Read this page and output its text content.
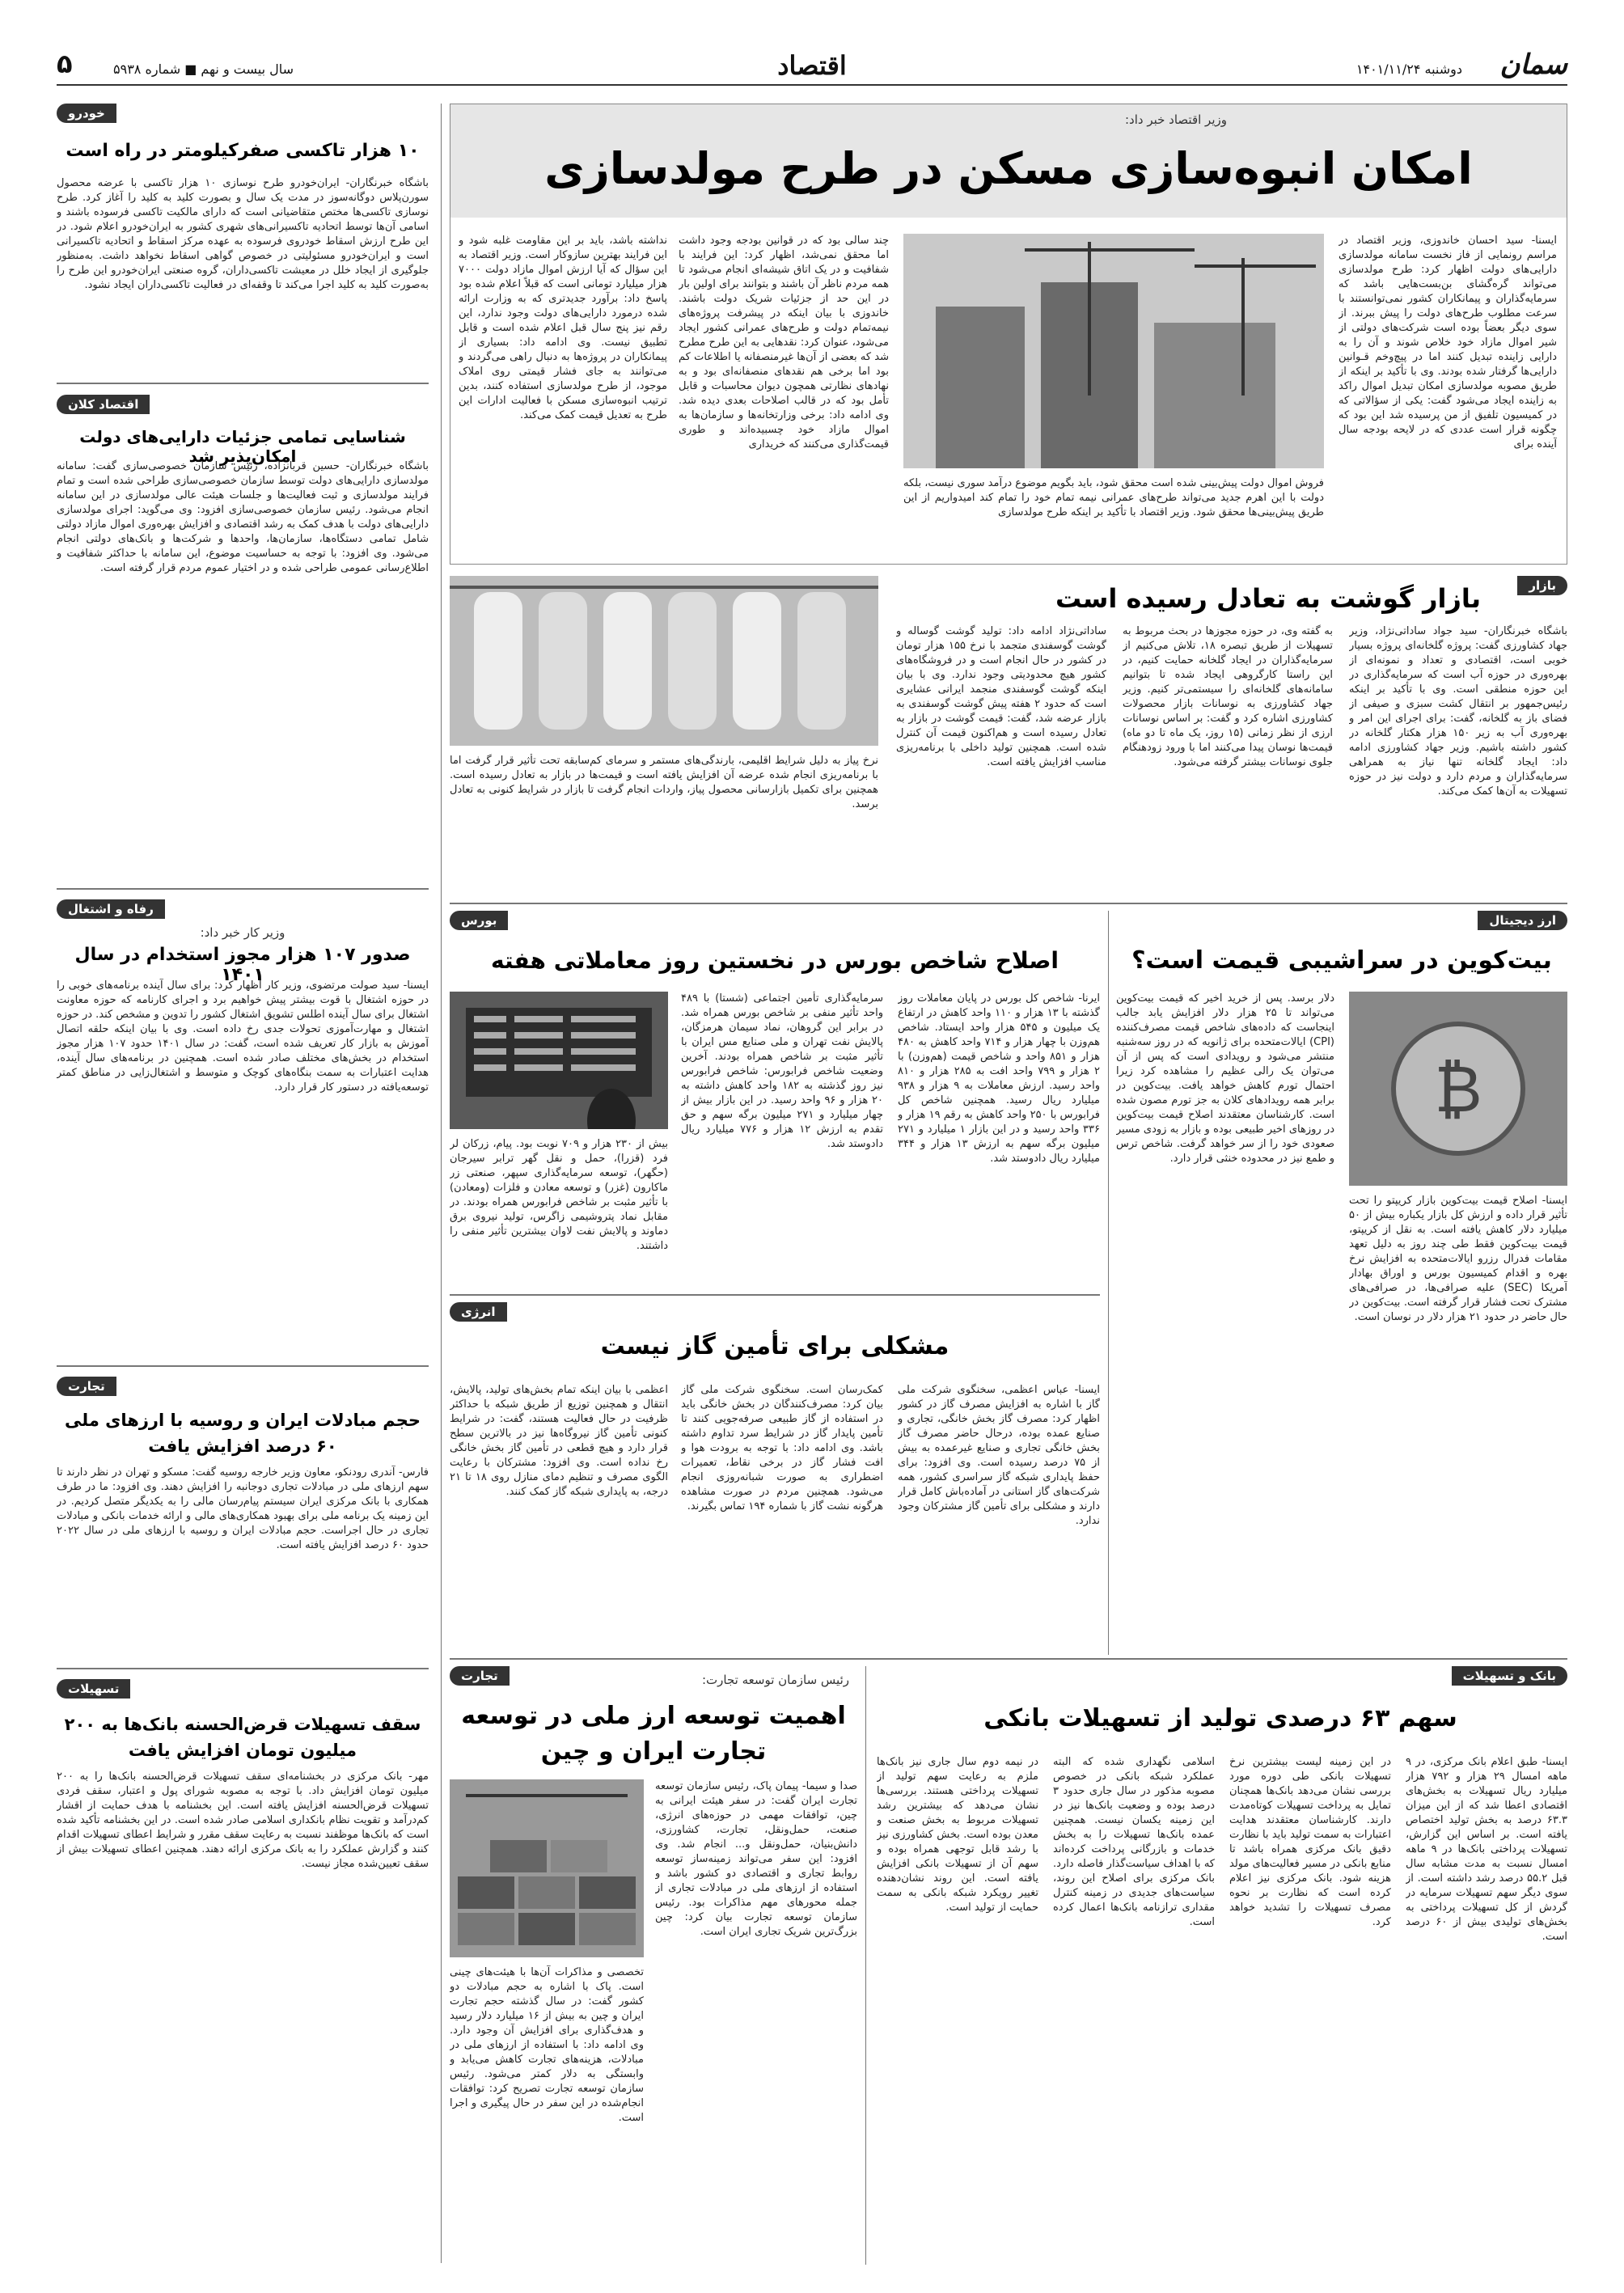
سمان
دوشنبه ۱۴۰۱/۱۱/۲۴
اقتصاد
سال بیست و نهم ■ شماره ۵۹۳۸
۵
خودرو
۱۰ هزار تاکسی صفرکیلومتر در راه است
باشگاه خبرنگاران- ایران‌خودرو طرح نوسازی ۱۰ هزار تاکسی با عرضه محصول سورن‌پلاس دوگانه‌سوز در مدت یک سال و بصورت کلید به کلید را آغاز کرد. طرح نوسازی تاکسی‌ها مختص متقاضیانی است که دارای مالکیت تاکسی فرسوده باشند و اسامی آن‌ها توسط اتحادیه تاکسیرانی‌های شهری کشور به ایران‌خودرو اعلام شود. در این طرح ارزش اسقاط خودروی فرسوده به عهده مرکز اسقاط و اتحادیه تاکسیرانی است و ایران‌خودرو مسئولیتی در خصوص گواهی اسقاط نخواهد داشت. به‌منظور جلوگیری از ایجاد خلل در معیشت تاکسی‌داران، گروه صنعتی ایران‌خودرو این طرح را به‌صورت کلید به کلید اجرا می‌کند تا وقفه‌ای در فعالیت تاکسی‌داران ایجاد نشود.
اقتصاد کلان
شناسایی تمامی جزئیات دارایی‌های دولت امکان‌پذیر شد
باشگاه خبرنگاران- حسین قربانزاده، رئیس سازمان خصوصی‌سازی گفت: سامانه مولدسازی دارایی‌های دولت توسط سازمان خصوصی‌سازی طراحی شده است و تمام فرایند مولدسازی و ثبت فعالیت‌ها و جلسات هیئت عالی مولدسازی در این سامانه انجام می‌شود. رئیس سازمان خصوصی‌سازی افزود: وی می‌گوید: اجرای مولدسازی دارایی‌های دولت با هدف کمک به رشد اقتصادی و افزایش بهره‌وری اموال مازاد دولتی شامل تمامی دستگاه‌ها، سازمان‌ها، واحدها و شرکت‌ها و بانک‌های دولتی انجام می‌شود. وی افزود: با توجه به حساسیت موضوع، این سامانه با حداکثر شفافیت و اطلاع‌رسانی عمومی طراحی شده و در اختیار عموم مردم قرار گرفته است.
رفاه و اشتغال
وزیر کار خبر داد:
صدور ۱۰۷ هزار مجوز استخدام در سال ۱۴۰۱
ایسنا- سید صولت مرتضوی، وزیر کار اظهار کرد: برای سال آینده برنامه‌های خوبی را در حوزه اشتغال با قوت بیشتر پیش خواهیم برد و اجرای کارنامه که حوزه معاونت اشتغال برای سال آینده اطلس تشویق اشتغال کشور را تدوین و مشخص کند. در حوزه اشتغال و مهارت‌آموزی تحولات جدی رخ داده است. وی با بیان اینکه حلقه اتصال آموزش به بازار کار تعریف شده است، گفت: در سال ۱۴۰۱ حدود ۱۰۷ هزار مجوز استخدام در بخش‌های مختلف صادر شده است. همچنین در برنامه‌های سال آینده، هدایت اعتبارات به سمت بنگاه‌های کوچک و متوسط و اشتغال‌زایی در مناطق کمتر توسعه‌یافته در دستور کار قرار دارد.
تجارت
حجم مبادلات ایران و روسیه با ارزهای ملی ۶۰ درصد افزایش یافت
فارس- آندری رودنکو، معاون وزیر خارجه روسیه گفت: مسکو و تهران در نظر دارند تا سهم ارزهای ملی در مبادلات تجاری دوجانبه را افزایش دهند. وی افزود: ما در طرف همکاری با بانک مرکزی ایران سیستم پیام‌رسان مالی را به یکدیگر متصل کردیم. در این زمینه یک برنامه ملی برای بهبود همکاری‌های مالی و ارائه خدمات بانکی و مبادلات تجاری در حال اجراست. حجم مبادلات ایران و روسیه با ارزهای ملی در سال ۲۰۲۲ حدود ۶۰ درصد افزایش یافته است.
تسهیلات
سقف تسهیلات قرض‌الحسنه بانک‌ها به ۲۰۰ میلیون تومان افزایش یافت
مهر- بانک مرکزی در بخشنامه‌ای سقف تسهیلات قرض‌الحسنه بانک‌ها را به ۲۰۰ میلیون تومان افزایش داد. با توجه به مصوبه شورای پول و اعتبار، سقف فردی تسهیلات قرض‌الحسنه افزایش یافته است. این بخشنامه با هدف حمایت از اقشار کم‌درآمد و تقویت نظام بانکداری اسلامی صادر شده است. در این بخشنامه تأکید شده است که بانک‌ها موظفند نسبت به رعایت سقف مقرر و شرایط اعطای تسهیلات اقدام کنند و گزارش عملکرد را به بانک مرکزی ارائه دهند. همچنین اعطای تسهیلات بیش از سقف تعیین‌شده مجاز نیست.
وزیر اقتصاد خبر داد:
امکان انبوه‌سازی مسکن در طرح مولدسازی
ایسنا- سید احسان خاندوزی، وزیر اقتصاد در مراسم رونمایی از فاز نخست سامانه مولدسازی دارایی‌های دولت اظهار کرد: طرح مولدسازی می‌تواند گره‌گشای بن‌بست‌هایی باشد که سرمایه‌گذاران و پیمانکاران کشور نمی‌توانستند با سرعت مطلوب طرح‌های دولت را پیش ببرند. از سوی دیگر بعضاً بوده است شرکت‌های دولتی از شیر اموال مازاد خود خلاص شوند و آن را به دارایی زاینده تبدیل کنند اما در پیچ‌وخم قـوانین دارایی‌ها گرفتار شده بودند. وی با تأکید بر اینکه از طریق مصوبه مولدسازی امکان تبدیل اموال راکد به زاینده ایجاد می‌شود گفت: یکی از سؤالاتی که در کمیسیون تلفیق از من پرسیده شد این بود که چگونه قرار است عددی که در لایحه بودجه سال آینده برای
فروش اموال دولت پیش‌بینی شده است محقق شود، باید بگویم موضوع درآمد سوری نیست، بلکه دولت با این اهرم جدید می‌تواند طرح‌های عمرانی نیمه تمام خود را تمام کند امیدواریم از این طریق پیش‌بینی‌ها محقق شود. وزیر اقتصاد با تأکید بر اینکه طرح مولدسازی
چند سالی بود که در قوانین بودجه وجود داشت اما محقق نمی‌شد، اظهار کرد: این فرایند با شفافیت و در یک اتاق شیشه‌ای انجام می‌شود تا همه مردم ناظر آن باشند و بتوانند برای اولین بار در این حد از جزئیات شریک دولت باشند. خاندوزی با بیان اینکه در پیشرفت پروژه‌های نیمه‌تمام دولت و طرح‌های عمرانی کشور ایجاد می‌شود، عنوان کرد: نقدهایی به این طرح مطرح شد که بعضی از آن‌ها غیرمنصفانه یا اطلاعات کم بود اما برخی هم نقدهای منصفانه‌ای بود و به نهادهای نظارتی همچون دیوان محاسبات و قابل تأمل بود که در قالب اصلاحات بعدی دیده شد. وی ادامه داد: برخی وزارتخانه‌ها و سازمان‌ها به اموال مازاد خود چسبیده‌اند و طوری قیمت‌گذاری می‌کنند که خریداری
نداشته باشد، باید بر این مقاومت غلبه شود و این فرایند بهترین سازوکار است. وزیر اقتصاد به این سؤال که آیا ارزش اموال مازاد دولت ۷۰۰۰ هزار میلیارد تومانی است که قبلاً اعلام شده بود پاسخ داد: برآورد جدیدتری که به وزارت ارائه شده درمورد دارایی‌های دولت وجود ندارد، این رقم نیز پنج سال قبل اعلام شده است و قابل تطبیق نیست. وی ادامه داد: بسیاری از پیمانکاران در پروژه‌ها به دنبال راهی می‌گردند و می‌توانند به جای فشار قیمتی روی املاک موجود، از طرح مولدسازی استفاده کنند، بدین ترتیب انبوه‌سازی مسکن با فعالیت ادارات این طرح به تعدیل قیمت کمک می‌کند.
بازار
بازار گوشت به تعادل رسیده است
باشگاه خبرنگاران- سید جواد ساداتی‌نژاد، وزیر جهاد کشاورزی گفت: پروژه گلخانه‌ای پروژه بسیار خوبی است، اقتصادی و تعداد و نمونه‌ای از بهره‌وری در حوزه آب است که سرمایه‌گذاری در این حوزه منطقی است. وی با تأکید بر اینکه رئیس‌جمهور بر انتقال کشت سبزی و صیفی از فضای باز به گلخانه، گفت: برای اجرای این امر و بهره‌وری آب به‌ زیر ۱۵۰ هزار هکتار گلخانه در کشور داشته باشیم. وزیر جهاد کشاورزی ادامه داد: ایجاد گلخانه تنها نیاز به همراهی سرمایه‌گذاران و مردم دارد و دولت نیز در حوزه تسهیلات به آن‌ها کمک می‌کند.
به گفته وی، در حوزه مجوزها در بحث مربوط به تسهیلات از طریق تبصره ۱۸، تلاش می‌کنیم از سرمایه‌گذاران در ایجاد گلخانه حمایت کنیم، در این راستا کارگروهی ایجاد شده تا بتوانیم سامانه‌های گلخانه‌ای را سیستمی‌تر کنیم. وزیر جهاد کشاورزی به نوسانات بازار محصولات کشاورزی اشاره کرد و گفت: بر اساس نوسانات ارزی از نظر زمانی (۱۵ روز، یک ماه تا دو ماه) قیمت‌ها نوسان پیدا می‌کنند اما با ورود زودهنگام جلوی نوسانات بیشتر گرفته می‌شود.
ساداتی‌نژاد ادامه داد: تولید گوشت گوساله و گوشت گوسفندی متجمد با نرخ ۱۵۵ هزار تومان در کشور در حال انجام است و در فروشگاه‌های کشور هیچ محدودیتی وجود ندارد. وی با بیان اینکه گوشت گوسفندی منجمد ایرانی عشایری است که حدود ۲ هفته پیش گوشت گوسفندی به بازار عرضه شد، گفت: قیمت گوشت در بازار به تعادل رسیده است و هم‌اکنون قیمت آن کنترل شده است. همچنین تولید داخلی با برنامه‌ریزی مناسب افزایش یافته است.
نرخ پیاز به دلیل شرایط اقلیمی، بارندگی‌های مستمر و سرمای کم‌سابقه تحت تأثیر قرار گرفت اما با برنامه‌ریزی انجام شده عرضه آن افزایش یافته است و قیمت‌ها در بازار به تعادل رسیده است. همچنین برای تکمیل بازارسانی محصول پیاز، واردات انجام گرفت تا بازار در شرایط کنونی به تعادل برسد.
ارز دیجیتال
بیت‌کوین در سراشیبی قیمت است؟
₿
ایسنا- اصلاح قیمت بیت‌کوین بازار کریپتو را تحت تأثیر قرار داده و ارزش کل بازار یکباره بیش از ۵۰ میلیارد دلار کاهش یافته است. به نقل از کریپتو، قیمت بیت‌کوین فقط طی چند روز به دلیل تعهد مقامات فدرال رزرو ایالات‌متحده به افزایش نرخ بهره و اقدام کمیسیون بورس و اوراق بهادار آمریکا (SEC) علیه صرافی‌ها، در صرافی‌های مشترک تحت فشار قرار گرفته است. بیت‌کوین در حال حاضر در حدود ۲۱ هزار دلار در نوسان است.
دلار برسد. پس از خرید اخیر که قیمت بیت‌کوین می‌تواند تا ۲۵ هزار دلار افزایش یابد جالب اینجاست که داده‌های شاخص قیمت مصرف‌کننده (CPI) ایالات‌متحده برای ژانویه که در روز سه‌شنبه منتشر می‌شود و رویدادی است که پس از آن می‌توان یک رالی عظیم را مشاهده کرد زیرا احتمال تورم کاهش خواهد یافت. بیت‌کوین در برابر همه رویدادهای کلان به جز تورم مصون شده است. کارشناسان معتقدند اصلاح قیمت بیت‌کوین در روزهای اخیر طبیعی بوده و بازار به زودی مسیر صعودی خود را از سر خواهد گرفت. شاخص ترس و طمع نیز در محدوده خنثی قرار دارد.
بورس
اصلاح شاخص بورس در نخستین روز معاملاتی هفته
ایرنا- شاخص کل بورس در پایان معاملات روز گذشته با ۱۳ هزار و ۱۱۰ واحد کاهش در ارتفاع یک میلیون و ۵۴۵ هزار واحد ایستاد. شاخص هم‌وزن با چهار هزار و ۷۱۴ واحد کاهش به ۴۸۰ هزار و ۸۵۱ واحد و شاخص قیمت (هم‌وزن) با ۲ هزار و ۷۹۹ واحد افت به ۲۸۵ هزار و ۸۱۰ واحد رسید. ارزش معاملات به ۹ هزار و ۹۳۸ میلیارد ریال رسید. همچنین شاخص کل فرابورس با ۲۵۰ واحد کاهش به رقم ۱۹ هزار و ۳۳۶ واحد رسید و در این بازار ۱ میلیارد و ۲۷۱ میلیون برگه سهم به ارزش ۱۳ هزار و ۳۴۴ میلیارد ریال دادوستد شد.
سرمایه‌گذاری تأمین اجتماعی (شستا) با ۴۸۹ واحد تأثیر منفی بر شاخص بورس همراه شد. در برابر این گروهان، نماد سیمان هرمزگان، پالایش نفت تهران و ملی صنایع مس ایران با تأثیر مثبت بر شاخص همراه بودند. آخرین وضعیت شاخص فرابورس: شاخص فرابورس نیز روز گذشته به ۱۸۲ واحد کاهش داشته به ۲۰ هزار و ۹۶ واحد رسید. در این بازار بیش از چهار میلیارد و ۲۷۱ میلیون برگه سهم و حق تقدم به ارزش ۱۲ هزار و ۷۷۶ میلیارد ریال دادوستد شد.
بیش از ۲۳۰ هزار و ۷۰۹ نوبت بود. پیام، زرکان لر فرد (قزرا)، حمل و نقل گهر ترابر سیرجان (حگهر)، توسعه سرمایه‌گذاری سپهر، صنعتی زر ماکارون (غزر) و توسعه معادن و فلزات (ومعادن) با تأثیر مثبت بر شاخص فرابورس همراه بودند. در مقابل نماد پتروشیمی زاگرس، تولید نیروی برق دماوند و پالایش نفت لاوان بیشترین تأثیر منفی را داشتند.
انرژی
مشکلی برای تأمین گاز نیست
ایسنا- عباس اعظمی، سخنگوی شرکت ملی گاز با اشاره به افزایش مصرف گاز در کشور اظهار کرد: مصرف گاز بخش خانگی، تجاری و صنایع عمده بوده، درحال حاضر مصرف گاز بخش خانگی تجاری و صنایع غیرعمده به بیش از ۷۵ درصد رسیده است. وی افزود: برای حفظ پایداری شبکه گاز سراسری کشور، همه شرکت‌های گاز استانی در آماده‌باش کامل قرار دارند و مشکلی برای تأمین گاز مشترکان وجود ندارد.
کمک‌رسان است. سخنگوی شرکت ملی گاز بیان کرد: مصرف‌کنندگان در بخش خانگی باید در استفاده از گاز طبیعی صرفه‌جویی کنند تا تأمین پایدار گاز در شرایط سرد تداوم داشته باشد. وی ادامه داد: با توجه به برودت هوا و افت فشار گاز در برخی نقاط، تعمیرات اضطراری به صورت شبانه‌روزی انجام می‌شود. همچنین مردم در صورت مشاهده هرگونه نشت گاز با شماره ۱۹۴ تماس بگیرند.
اعظمی با بیان اینکه تمام بخش‌های تولید، پالایش، انتقال و همچنین توزیع از طریق شبکه با حداکثر ظرفیت در حال فعالیت هستند، گفت: در شرایط کنونی تأمین گاز نیروگاه‌ها نیز در بالاترین سطح قرار دارد و هیچ قطعی در تأمین گاز بخش خانگی رخ نداده است. وی افزود: مشترکان با رعایت الگوی مصرف و تنظیم دمای منازل روی ۱۸ تا ۲۱ درجه، به پایداری شبکه گاز کمک کنند.
بانک و تسهیلات
سهم ۶۳ درصدی تولید از تسهیلات بانکی
ایسنا- طبق اعلام بانک مرکزی، در ۹ ماهه امسال ۲۹ هزار و ۷۹۲ هزار میلیارد ریال تسهیلات به بخش‌های اقتصادی اعطا شد که از این میزان ۶۳.۳ درصد به بخش تولید اختصاص یافته است. بر اساس این گزارش، تسهیلات پرداختی بانک‌ها در ۹ ماهه امسال نسبت به مدت مشابه سال قبل ۵۵.۲ درصد رشد داشته است. از سوی دیگر سهم تسهیلات سرمایه در گردش از کل تسهیلات پرداختی به بخش‌های تولیدی بیش از ۶۰ درصد است.
در این زمینه لیست بیشترین نرخ تسهیلات بانکی طی دوره مورد بررسی نشان می‌دهد بانک‌ها همچنان تمایل به پرداخت تسهیلات کوتاه‌مدت دارند. کارشناسان معتقدند هدایت اعتبارات به سمت تولید باید با نظارت دقیق بانک مرکزی همراه باشد تا منابع بانکی در مسیر فعالیت‌های مولد هزینه شود. بانک مرکزی نیز اعلام کرده است که نظارت بر نحوه مصرف تسهیلات را تشدید خواهد کرد.
اسلامی نگهداری شده که البته عملکرد شبکه بانکی در خصوص مصوبه مذکور در سال جاری حدود ۳ درصد بوده و وضعیت بانک‌ها نیز در این زمینه یکسان نیست. همچنین عمده بانک‌ها تسهیلات را به بخش خدمات و بازرگانی پرداخت کرده‌اند که با اهداف سیاست‌گذار فاصله دارد. بانک مرکزی برای اصلاح این روند، سیاست‌های جدیدی در زمینه کنترل مقداری ترازنامه بانک‌ها اعمال کرده است.
در نیمه دوم سال جاری نیز بانک‌ها ملزم به رعایت سهم تولید از تسهیلات پرداختی هستند. بررسی‌ها نشان می‌دهد که بیشترین رشد تسهیلات مربوط به بخش صنعت و معدن بوده است. بخش کشاورزی نیز با رشد قابل توجهی همراه بوده و سهم آن از تسهیلات بانکی افزایش یافته است. این روند نشان‌دهنده تغییر رویکرد شبکه بانکی به سمت حمایت از تولید است.
تجارت	رئیس سازمان توسعه تجارت:
اهمیت توسعه ارز ملی در توسعه تجارت ایران و چین
صدا و سیما- پیمان پاک، رئیس سازمان توسعه تجارت ایران گفت: در سفر هیئت ایرانی به چین، توافقات مهمی در حوزه‌های انرژی، صنعت، حمل‌ونقل، تجارت، کشاورزی، دانش‌بنیان، حمل‌ونقل و... انجام شد. وی افزود: این سفر می‌تواند زمینه‌ساز توسعه روابط تجاری و اقتصادی دو کشور باشد و استفاده از ارزهای ملی در مبادلات تجاری از جمله محورهای مهم مذاکرات بود. رئیس سازمان توسعه تجارت بیان کرد: چین بزرگ‌ترین شریک تجاری ایران است.
تخصصی و مذاکرات آن‌ها با هیئت‌های چینی است. پاک با اشاره به حجم مبادلات دو کشور گفت: در سال گذشته حجم تجارت ایران و چین به بیش از ۱۶ میلیارد دلار رسید و هدف‌گذاری برای افزایش آن وجود دارد. وی ادامه داد: با استفاده از ارزهای ملی در مبادلات، هزینه‌های تجارت کاهش می‌یابد و وابستگی به دلار کمتر می‌شود. رئیس سازمان توسعه تجارت تصریح کرد: توافقات انجام‌شده در این سفر در حال پیگیری و اجرا است.
